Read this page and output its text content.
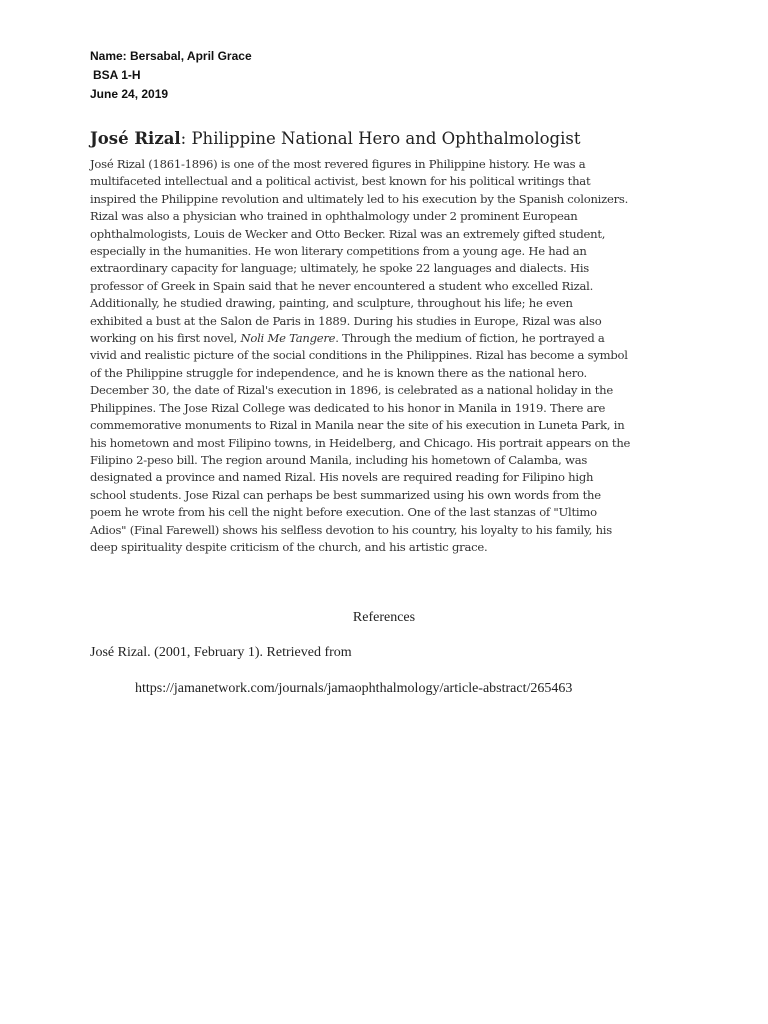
Name: Bersabal, April Grace
BSA 1-H
June 24, 2019
José Rizal: Philippine National Hero and Ophthalmologist
José Rizal (1861-1896) is one of the most revered figures in Philippine history. He was a
multifaceted intellectual and a political activist, best known for his political writings that
inspired the Philippine revolution and ultimately led to his execution by the Spanish colonizers.
Rizal was also a physician who trained in ophthalmology under 2 prominent European
ophthalmologists, Louis de Wecker and Otto Becker. Rizal was an extremely gifted student,
especially in the humanities. He won literary competitions from a young age. He had an
extraordinary capacity for language; ultimately, he spoke 22 languages and dialects. His
professor of Greek in Spain said that he never encountered a student who excelled Rizal.
Additionally, he studied drawing, painting, and sculpture, throughout his life; he even
exhibited a bust at the Salon de Paris in 1889. During his studies in Europe, Rizal was also
working on his first novel, Noli Me Tangere. Through the medium of fiction, he portrayed a
vivid and realistic picture of the social conditions in the Philippines. Rizal has become a symbol
of the Philippine struggle for independence, and he is known there as the national hero.
December 30, the date of Rizal's execution in 1896, is celebrated as a national holiday in the
Philippines. The Jose Rizal College was dedicated to his honor in Manila in 1919. There are
commemorative monuments to Rizal in Manila near the site of his execution in Luneta Park, in
his hometown and most Filipino towns, in Heidelberg, and Chicago. His portrait appears on the
Filipino 2-peso bill. The region around Manila, including his hometown of Calamba, was
designated a province and named Rizal. His novels are required reading for Filipino high
school students. Jose Rizal can perhaps be best summarized using his own words from the
poem he wrote from his cell the night before execution. One of the last stanzas of "Ultimo
Adios" (Final Farewell) shows his selfless devotion to his country, his loyalty to his family, his
deep spirituality despite criticism of the church, and his artistic grace.
References
José Rizal. (2001, February 1). Retrieved from
https://jamanetwork.com/journals/jamaophthalmology/article-abstract/265463
